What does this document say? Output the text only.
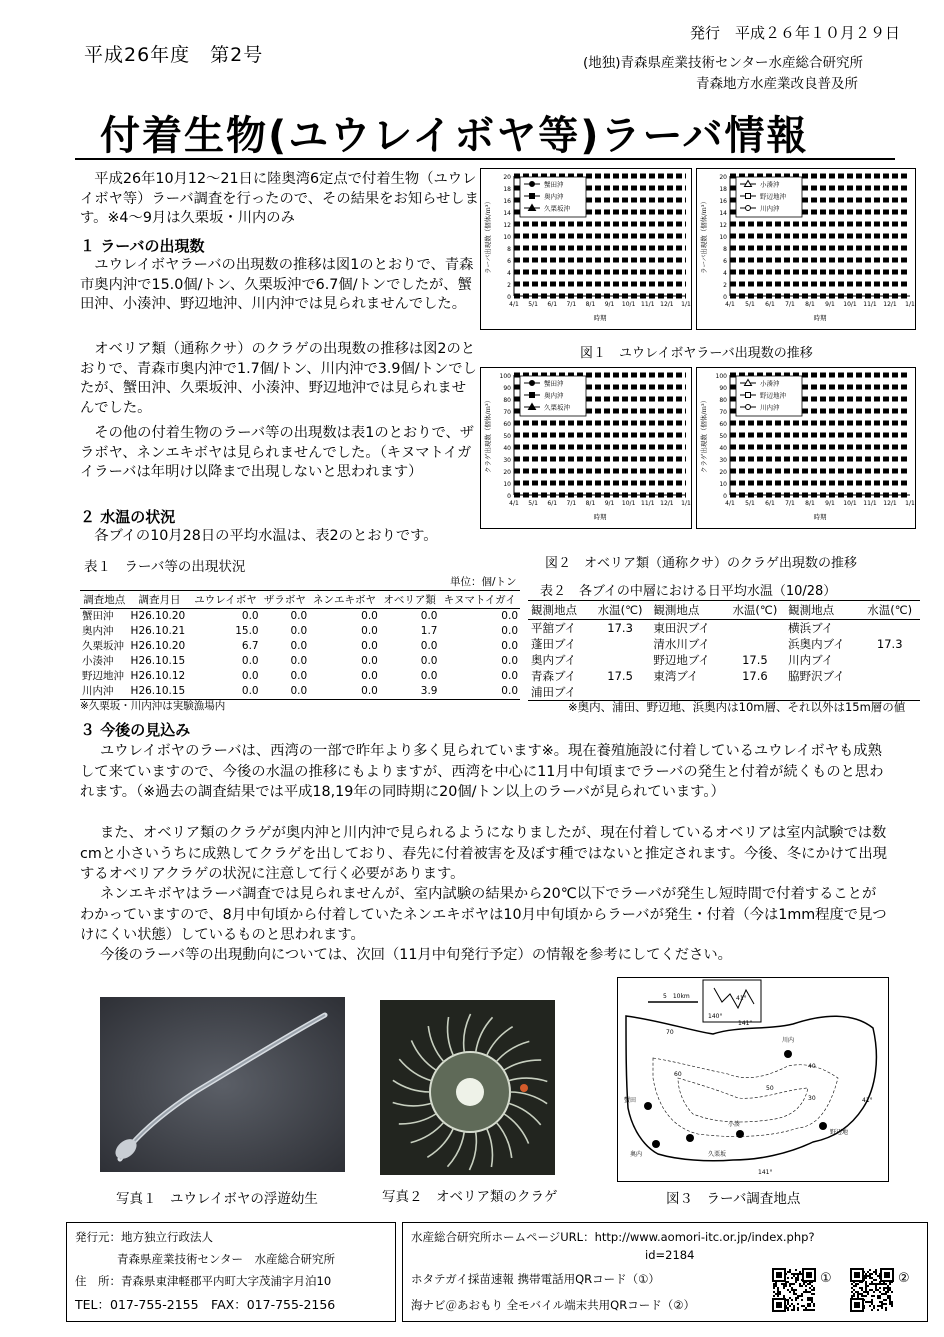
平成26年度　第2号
発行　平成２６年１０月２９日
(地独)青森県産業技術センター水産総合研究所
青森地方水産業改良普及所
付着生物(ユウレイボヤ等)ラーバ情報
平成26年10月12～21日に陸奥湾6定点で付着生物（ユウレイボヤ等）ラーバ調査を行ったので、その結果をお知らせします。※4～9月は久栗坂・川内のみ
１ ラーバの出現数
ユウレイボヤラーバの出現数の推移は図1のとおりで、青森市奥内沖で15.0個/トン、久栗坂沖で6.7個/トンでしたが、蟹田沖、小湊沖、野辺地沖、川内沖では見られませんでした。
オベリア類（通称クサ）のクラゲの出現数の推移は図2のとおりで、青森市奥内沖で1.7個/トン、川内沖で3.9個/トンでしたが、蟹田沖、久栗坂沖、小湊沖、野辺地沖では見られませんでした。
その他の付着生物のラーバ等の出現数は表1のとおりで、ザラボヤ、ネンエキボヤは見られませんでした。（キヌマトイガイラーバは年明け以降まで出現しないと思われます）
２ 水温の状況
各ブイの10月28日の平均水温は、表2のとおりです。
0
2
4
6
8
10
12
14
16
18
20
4/1 5/1 6/1 7/1 8/1 9/1 10/1 11/1 12/1 1/1
時期
ラーバ出現数（個体/ｍ³）
蟹田沖
奥内沖
久栗坂沖
0
2
4
6
8
10
12
14
16
18
20
4/1 5/1 6/1 7/1 8/1 9/1 10/1 11/1 12/1 1/1
時期
ラーバ出現数（個体/ｍ³）
小湊沖
野辺地沖
川内沖
図１　ユウレイボヤラーバ出現数の推移
0
10
20
30
40
50
60
70
80
90
100
4/1 5/1 6/1 7/1 8/1 9/1 10/1 11/1 12/1 1/1
時期
クラゲ出現数（個体/ｍ³）
蟹田沖
奥内沖
久栗坂沖
0
10
20
30
40
50
60
70
80
90
100
4/1 5/1 6/1 7/1 8/1 9/1 10/1 11/1 12/1 1/1
時期
クラゲ出現数（個体/ｍ³）
小湊沖
野辺地沖
川内沖
図２　オベリア類（通称クサ）のクラゲ出現数の推移
表１　ラーバ等の出現状況
単位：個/トン
調査地点	調査月日	ユウレイボヤ	ザラボヤ	ネンエキボヤ	オベリア類	キヌマトイガイ
蟹田沖	H26.10.20	0.0	0.0	0.0	0.0	0.0
奥内沖	H26.10.21	15.0	0.0	0.0	1.7	0.0
久栗坂沖	H26.10.20	6.7	0.0	0.0	0.0	0.0
小湊沖	H26.10.15	0.0	0.0	0.0	0.0	0.0
野辺地沖	H26.10.12	0.0	0.0	0.0	0.0	0.0
川内沖	H26.10.15	0.0	0.0	0.0	3.9	0.0
※久栗坂・川内沖は実験漁場内
表２　各ブイの中層における日平均水温（10/28）
観測地点	水温(℃)	観測地点	水温(℃)	観測地点	水温(℃)
平舘ブイ	17.3	東田沢ブイ		横浜ブイ	
蓬田ブイ		清水川ブイ		浜奥内ブイ	17.3
奥内ブイ		野辺地ブイ	17.5	川内ブイ	
青森ブイ	17.5	東湾ブイ	17.6	脇野沢ブイ	
浦田ブイ					
※奥内、浦田、野辺地、浜奥内は10m層、それ以外は15m層の値
３ 今後の見込み
ユウレイボヤのラーバは、西湾の一部で昨年より多く見られています※。現在養殖施設に付着しているユウレイボヤも成熟して来ていますので、今後の水温の推移にもよりますが、西湾を中心に11月中旬頃までラーバの発生と付着が続くものと思われます。（※過去の調査結果では平成18,19年の同時期に20個/トン以上のラーバが見られています。）
また、オベリア類のクラゲが奥内沖と川内沖で見られるようになりましたが、現在付着しているオベリアは室内試験では数cmと小さいうちに成熟してクラゲを出しており、春先に付着被害を及ぼす種ではないと推定されます。今後、冬にかけて出現するオベリアクラゲの状況に注意して行く必要があります。
ネンエキボヤはラーバ調査では見られませんが、室内試験の結果から20℃以下でラーバが発生し短時間で付着することがわかっていますので、8月中旬頃から付着していたネンエキボヤは10月中旬頃からラーバが発生・付着（今は1mm程度で見つけにくい状態）しているものと思われます。
今後のラーバ等の出現動向については、次回（11月中旬発行予定）の情報を参考にしてください。
写真１　ユウレイボヤの浮遊幼生	写真２　オベリア類のクラゲ
41°
140°
141°
5　10km
70
41°
141°
40
60
50
30
蟹田
奥内	久栗坂
小湊
野辺地
川内
図３　ラーバ調査地点
発行元：地方独立行政法人
青森県産業技術センター　水産総合研究所
住　所：青森県東津軽郡平内町大字茂浦字月泊10
TEL：017-755-2155　FAX：017-755-2156
水産総合研究所ホームページURL：http://www.aomori-itc.or.jp/index.php?
id=2184
ホタテガイ採苗速報 携帯電話用QRコード（①）
海ナビ＠あおもり 全モバイル端末共用QRコード（②）
①	②
